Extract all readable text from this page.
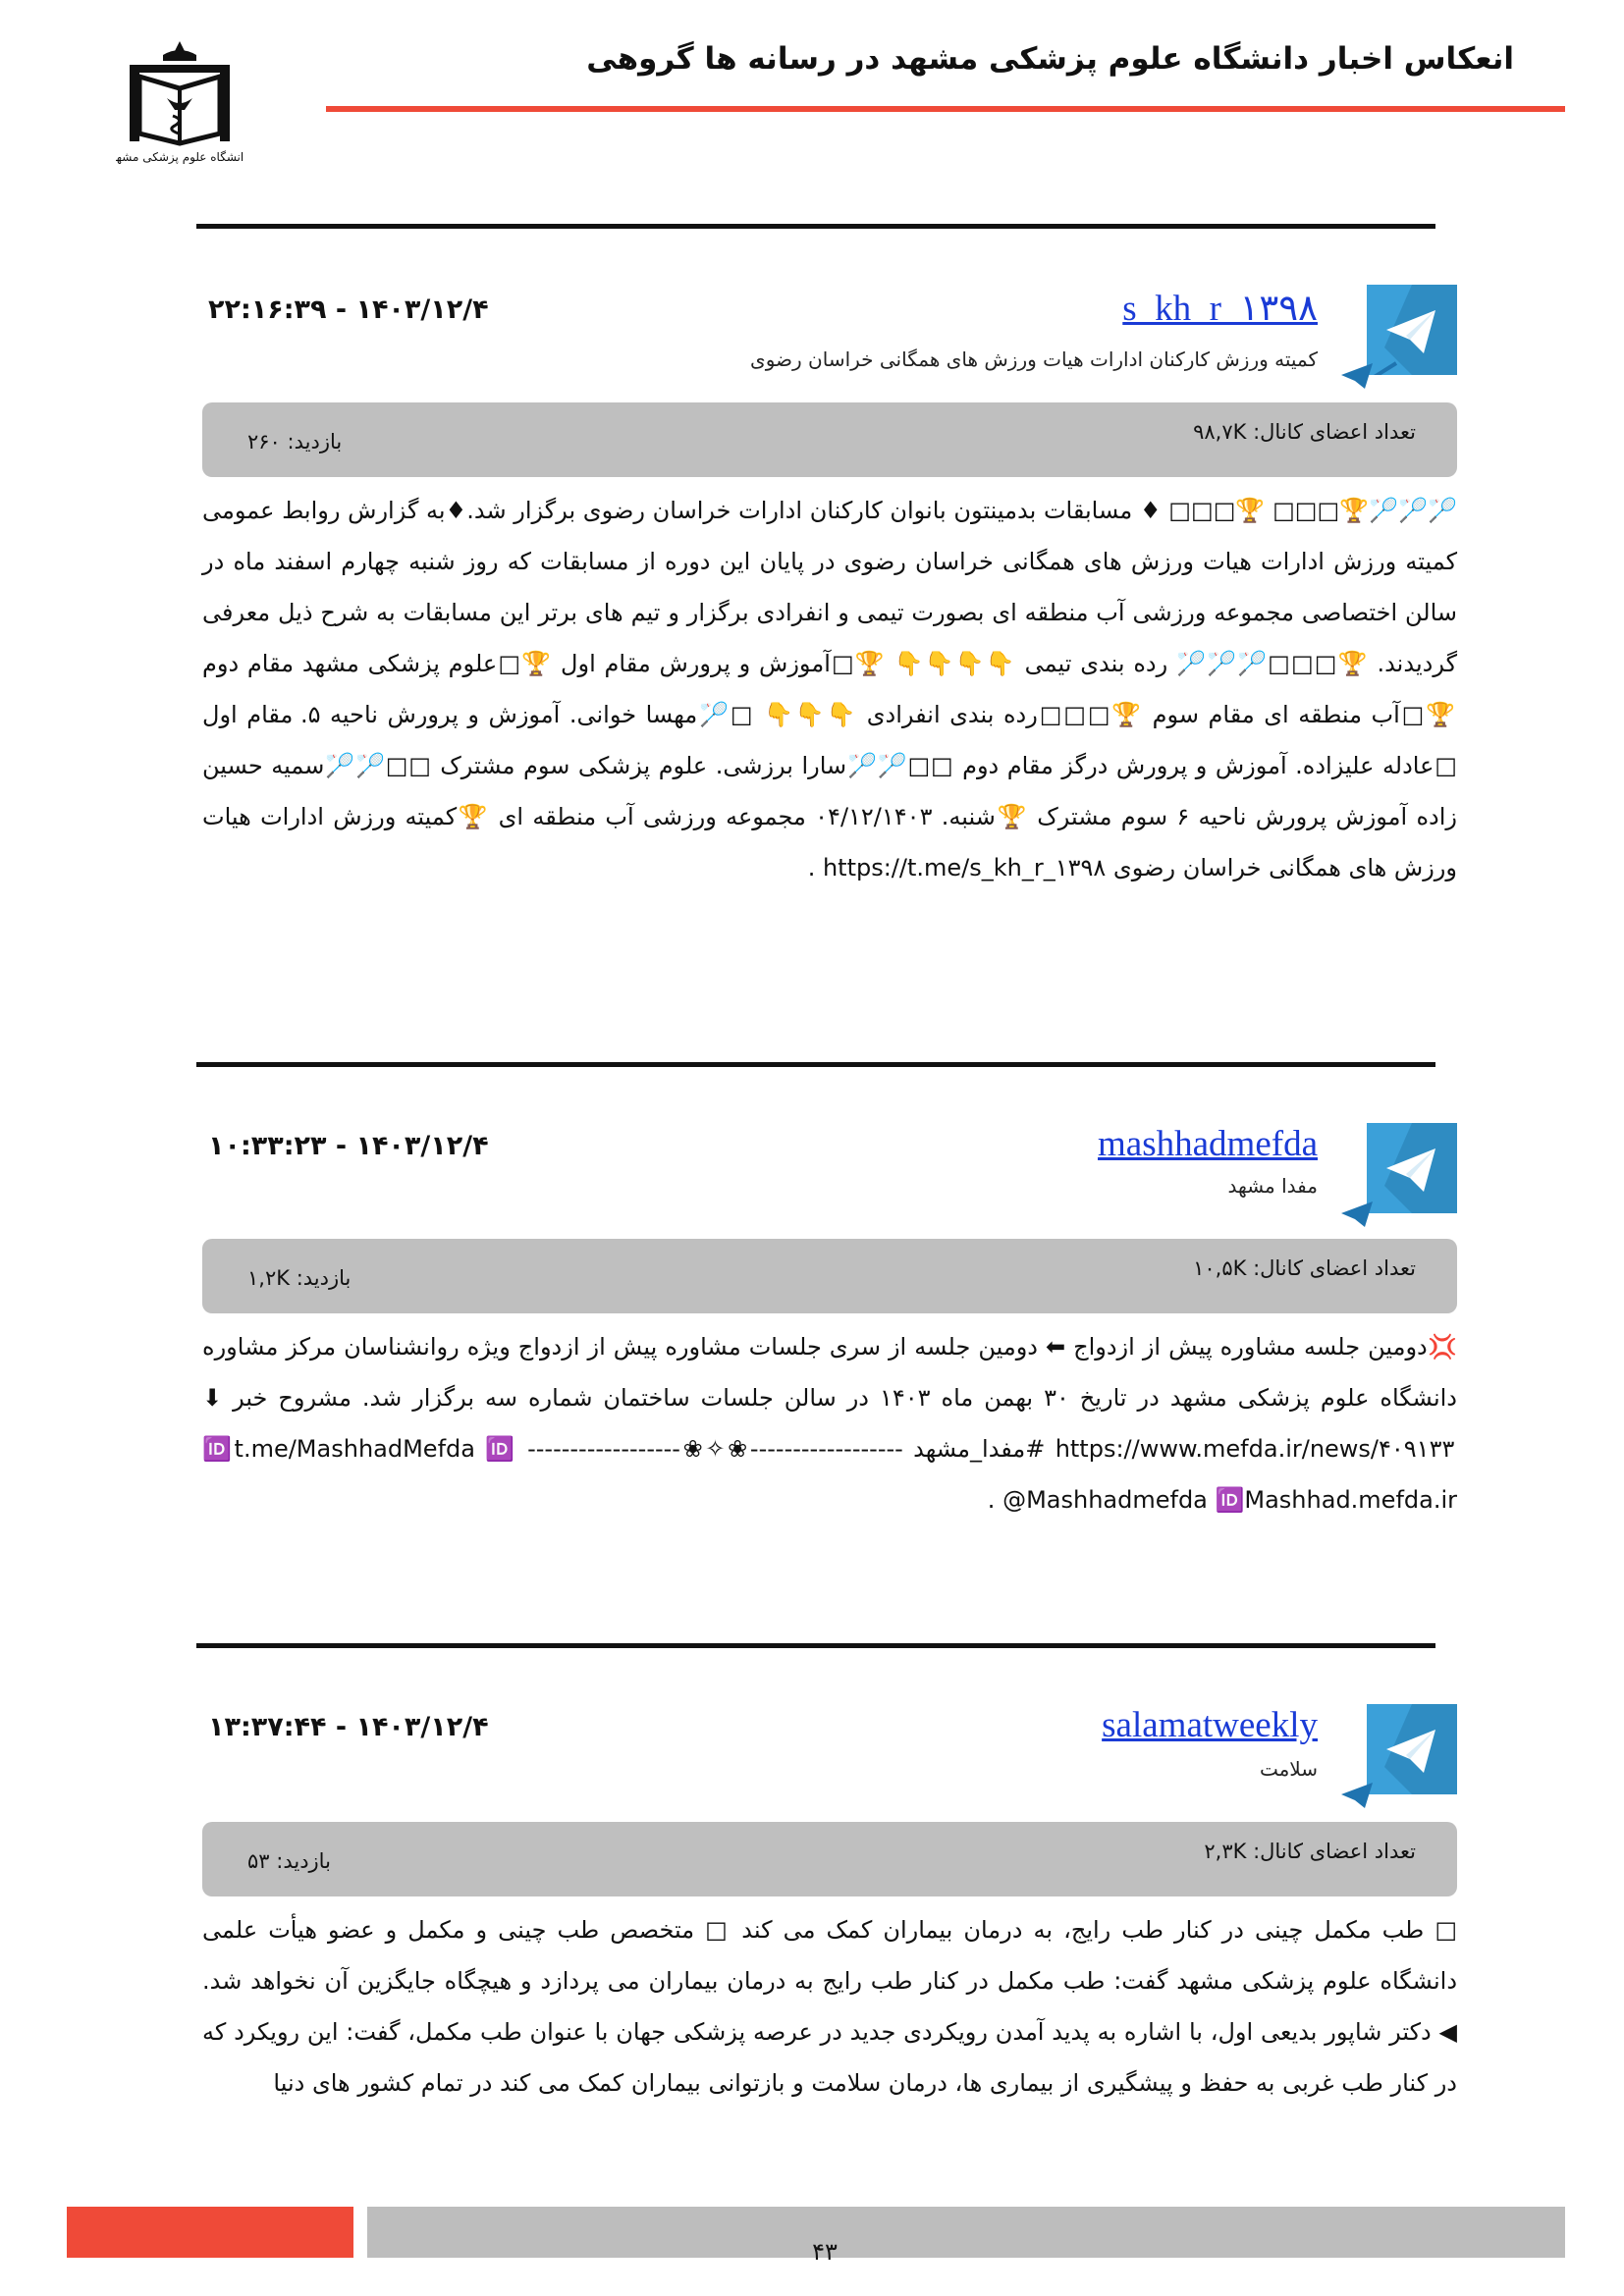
دانشگاه علوم پزشکی مشهد
انعکاس اخبار دانشگاه علوم پزشکی مشهد در رسانه ها گروهی
s_kh_r_۱۳۹۸
کمیته ورزش کارکنان ادارات هیات ورزش های همگانی خراسان رضوی
۲۲:۱۶:۳۹ - ۱۴۰۳/۱۲/۴
تعداد اعضای کانال: ۹۸,۷K
بازدید: ۲۶۰
🏸🏸🏸🏆□□□ 🏆□□□ ♦ مسابقات بدمینتون بانوان کارکنان ادارات خراسان رضوی برگزار شد.♦به گزارش روابط عمومی کمیته ورزش ادارات هیات ورزش های همگانی خراسان رضوی در پایان این دوره از مسابقات که روز شنبه چهارم اسفند ماه در سالن اختصاصی مجموعه ورزشی آب منطقه ای بصورت تیمی و انفرادی برگزار و تیم های برتر این مسابقات به شرح ذیل معرفی گردیدند. 🏆□□□🏸🏸🏸 رده بندی تیمی 👇👇👇👇 🏆□آموزش و پرورش مقام اول 🏆□علوم پزشکی مشهد مقام دوم 🏆□آب منطقه ای مقام سوم 🏆□□□رده بندی انفرادی 👇👇👇 □🏸مهسا خوانی. آموزش و پرورش ناحیه ۵. مقام اول □عادله علیزاده. آموزش و پرورش درگز مقام دوم □□🏸🏸سارا برزشی. علوم پزشکی سوم مشترک □□🏸🏸سمیه حسین زاده آموزش پرورش ناحیه ۶ سوم مشترک 🏆شنبه. ۰۴/۱۲/۱۴۰۳ مجموعه ورزشی آب منطقه ای 🏆کمیته ورزش ادارات هیات ورزش های همگانی خراسان رضوی https://t.me/s_kh_r_۱۳۹۸ .
mashhadmefda
مفدا مشهد
۱۰:۳۳:۲۳ - ۱۴۰۳/۱۲/۴
تعداد اعضای کانال: ۱۰,۵K
بازدید: ۱,۲K
💢دومین جلسه مشاوره پیش از ازدواج ⬅ دومین جلسه از سری جلسات مشاوره پیش از ازدواج ویژه روانشناسان مرکز مشاوره دانشگاه علوم پزشکی مشهد در تاریخ ۳۰ بهمن ماه ۱۴۰۳ در سالن جلسات ساختمان شماره سه برگزار شد. مشروح خبر ⬇ https://www.mefda.ir/news/۴۰۹۱۳۳ #مفدا_مشهد ------------------❀✧❀------------------ 🆔t.me/MashhadMefda 🆔 @Mashhadmefda 🆔Mashhad.mefda.ir .
salamatweekly
سلامت
۱۳:۳۷:۴۴ - ۱۴۰۳/۱۲/۴
تعداد اعضای کانال: ۲,۳K
بازدید: ۵۳
□ طب مکمل چینی در کنار طب رایج، به درمان بیماران کمک می کند □ متخصص طب چینی و مکمل و عضو هیأت علمی دانشگاه علوم پزشکی مشهد گفت: طب مکمل در کنار طب رایج به درمان بیماران می پردازد و هیچگاه جایگزین آن نخواهد شد. ◀ دکتر شاپور بدیعی اول، با اشاره به پدید آمدن رویکردی جدید در عرصه پزشکی جهان با عنوان طب مکمل، گفت: این رویکرد که در کنار طب غربی به حفظ و پیشگیری از بیماری ها، درمان سلامت و بازتوانی بیماران کمک می کند در تمام کشور های دنیا
۴۳
